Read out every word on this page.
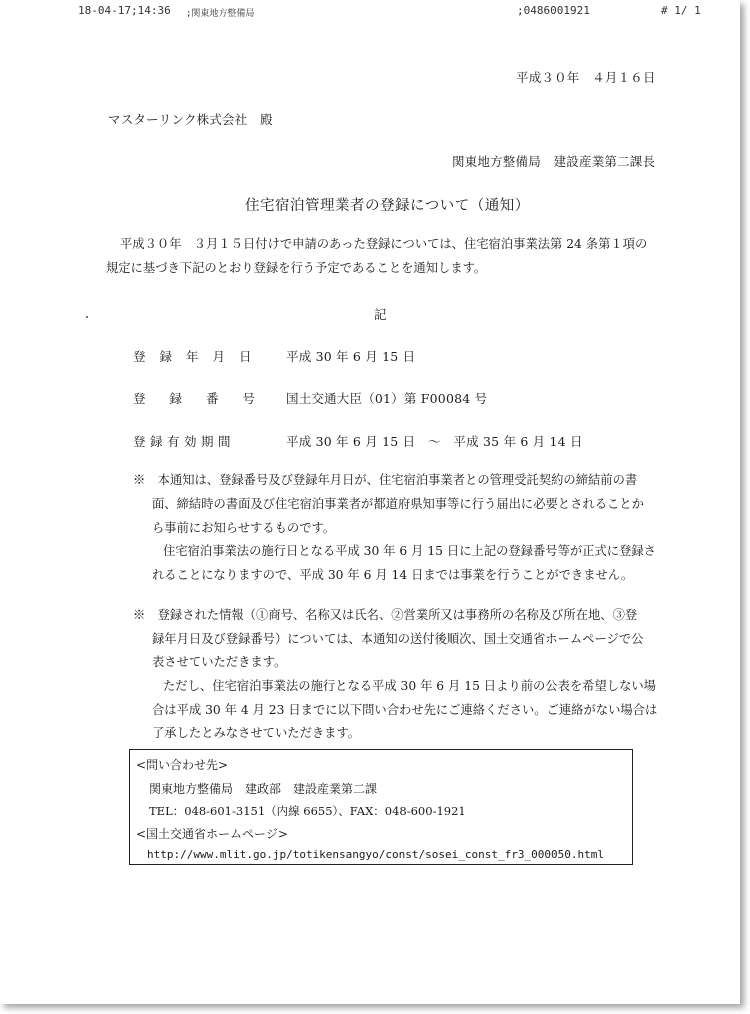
18-04-17;14:36 ;関東地方整備局	;0486001921	# 1/ 1
平成３０年　４月１６日
マスターリンク株式会社　殿
関東地方整備局　建設産業第二課長
住宅宿泊管理業者の登録について（通知）
平成３０年　３月１５日付けで申請のあった登録については、住宅宿泊事業法第 24 条第１項の
規定に基づき下記のとおり登録を行う予定であることを通知します。
記
登録年月日 平成 30 年 6 月 15 日
登録番号 国土交通大臣（01）第 F00084 号
登録有効期間	平成 30 年 6 月 15 日　～　平成 35 年 6 月 14 日
※　本通知は、登録番号及び登録年月日が、住宅宿泊事業者との管理受託契約の締結前の書
面、締結時の書面及び住宅宿泊事業者が都道府県知事等に行う届出に必要とされることか
ら事前にお知らせするものです。
住宅宿泊事業法の施行日となる平成 30 年 6 月 15 日に上記の登録番号等が正式に登録さ
れることになりますので、平成 30 年 6 月 14 日までは事業を行うことができません。
※　登録された情報（①商号、名称又は氏名、②営業所又は事務所の名称及び所在地、③登
録年月日及び登録番号）については、本通知の送付後順次、国土交通省ホームページで公
表させていただきます。
ただし、住宅宿泊事業法の施行となる平成 30 年 6 月 15 日より前の公表を希望しない場
合は平成 30 年 4 月 23 日までに以下問い合わせ先にご連絡ください。ご連絡がない場合は
了承したとみなさせていただきます。
<問い合わせ先>
関東地方整備局　建政部　建設産業第二課
TEL：048-601-3151（内線 6655）、FAX：048-600-1921
<国土交通省ホームページ>
http://www.mlit.go.jp/totikensangyo/const/sosei_const_fr3_000050.html
